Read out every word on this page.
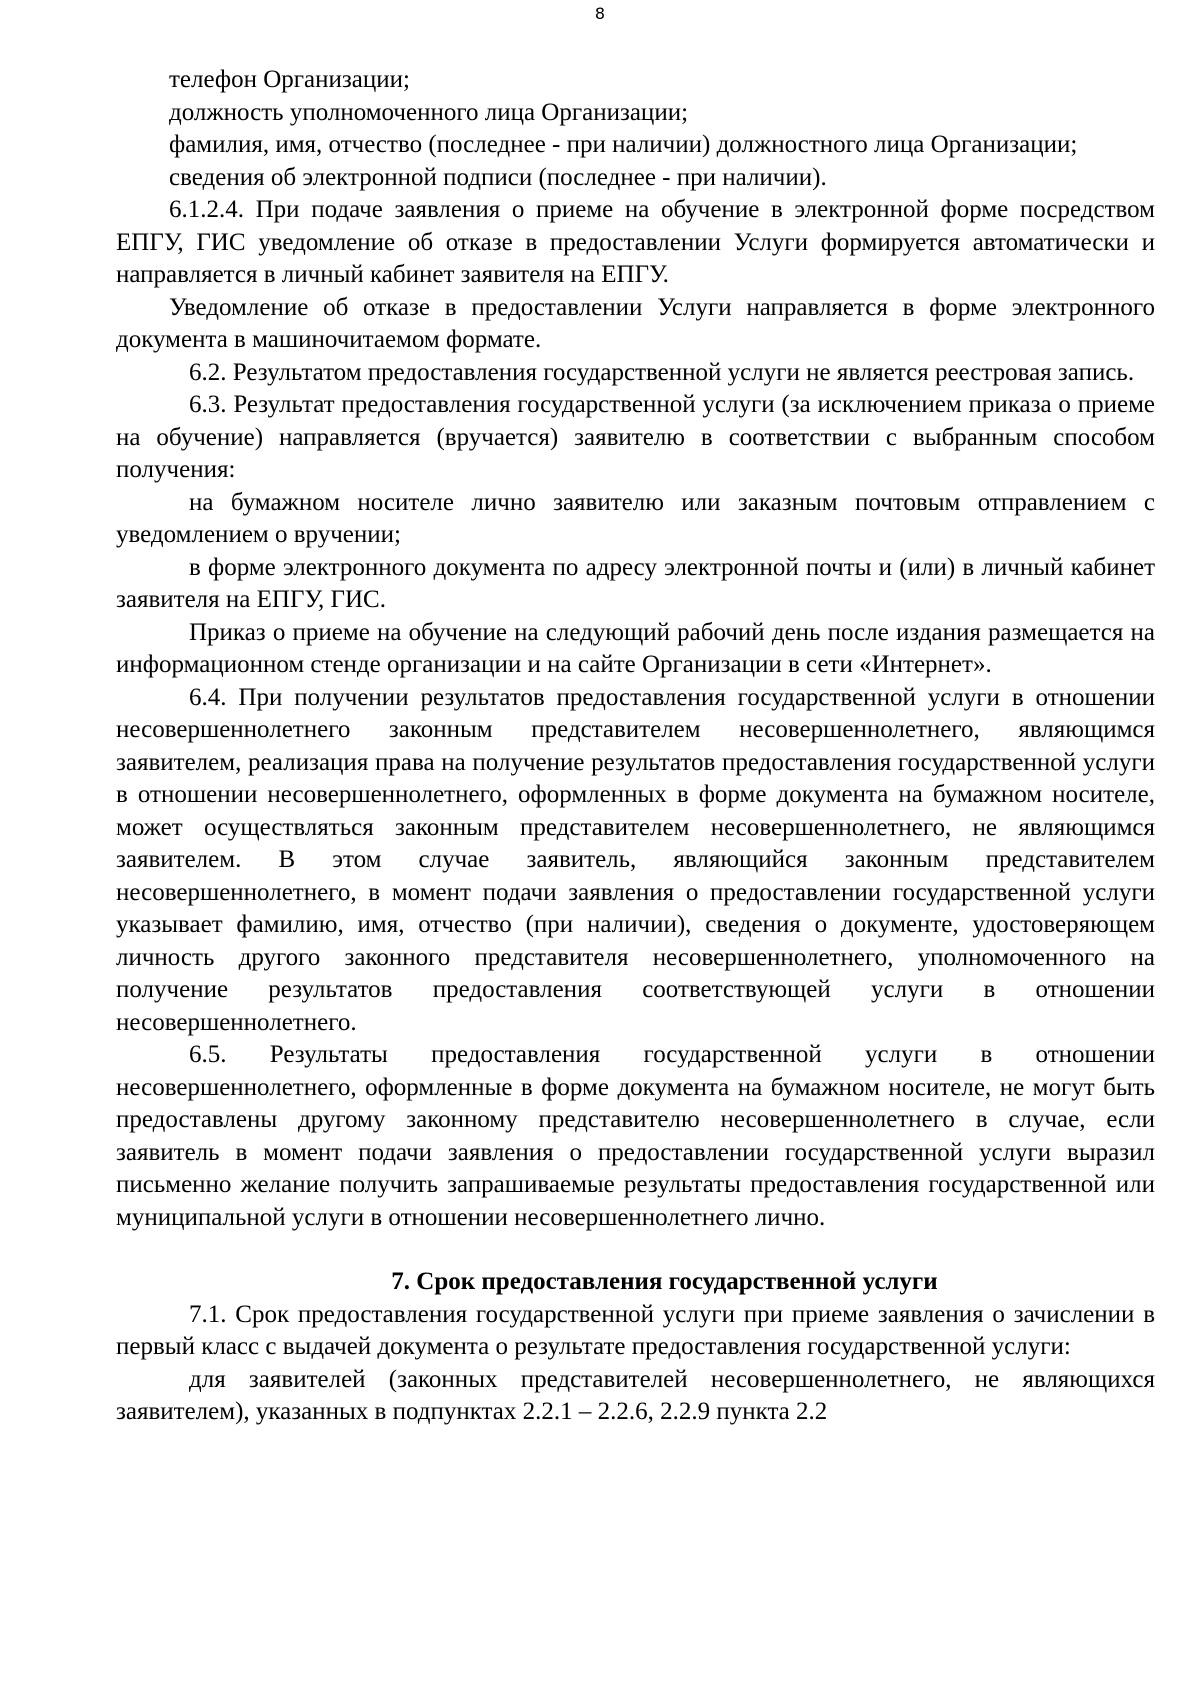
8

телефон Организации;

должность уполномоченного лица Организации;

фамилия, имя, отчество (последнее - при наличии) должностного лица Организации;

сведения об электронной подписи (последнее - при наличии).

6.1.2.4. При подаче заявления о приеме на обучение в электронной форме посредством ЕПГУ, ГИС уведомление об отказе в предоставлении Услуги формируется автоматически и направляется в личный кабинет заявителя на ЕПГУ.

Уведомление об отказе в предоставлении Услуги направляется в форме электронного документа в машиночитаемом формате.

6.2. Результатом предоставления государственной услуги не является реестровая запись.

6.3. Результат предоставления государственной услуги (за исключением приказа о приеме на обучение) направляется (вручается) заявителю в соответствии с выбранным способом получения:

на бумажном носителе лично заявителю или заказным почтовым отправлением с уведомлением о вручении;

в форме электронного документа по адресу электронной почты и (или) в личный кабинет заявителя на ЕПГУ, ГИС.

Приказ о приеме на обучение на следующий рабочий день после издания размещается на информационном стенде организации и на сайте Организации в сети «Интернет».

6.4. При получении результатов предоставления государственной услуги в отношении несовершеннолетнего законным представителем несовершеннолетнего, являющимся заявителем, реализация права на получение результатов предоставления государственной услуги в отношении несовершеннолетнего, оформленных в форме документа на бумажном носителе, может осуществляться законным представителем несовершеннолетнего, не являющимся заявителем. В этом случае заявитель, являющийся законным представителем несовершеннолетнего, в момент подачи заявления о предоставлении государственной услуги указывает фамилию, имя, отчество (при наличии), сведения о документе, удостоверяющем личность другого законного представителя несовершеннолетнего, уполномоченного на получение результатов предоставления соответствующей услуги в отношении несовершеннолетнего.

6.5. Результаты предоставления государственной услуги в отношении несовершеннолетнего, оформленные в форме документа на бумажном носителе, не могут быть предоставлены другому законному представителю несовершеннолетнего в случае, если заявитель в момент подачи заявления о предоставлении государственной услуги выразил письменно желание получить запрашиваемые результаты предоставления государственной или муниципальной услуги в отношении несовершеннолетнего лично.

7. Срок предоставления государственной услуги

7.1. Срок предоставления государственной услуги при приеме заявления о зачислении в первый класс с выдачей документа о результате предоставления государственной услуги:

для заявителей (законных представителей несовершеннолетнего, не являющихся заявителем), указанных в подпунктах 2.2.1 – 2.2.6, 2.2.9 пункта 2.2
